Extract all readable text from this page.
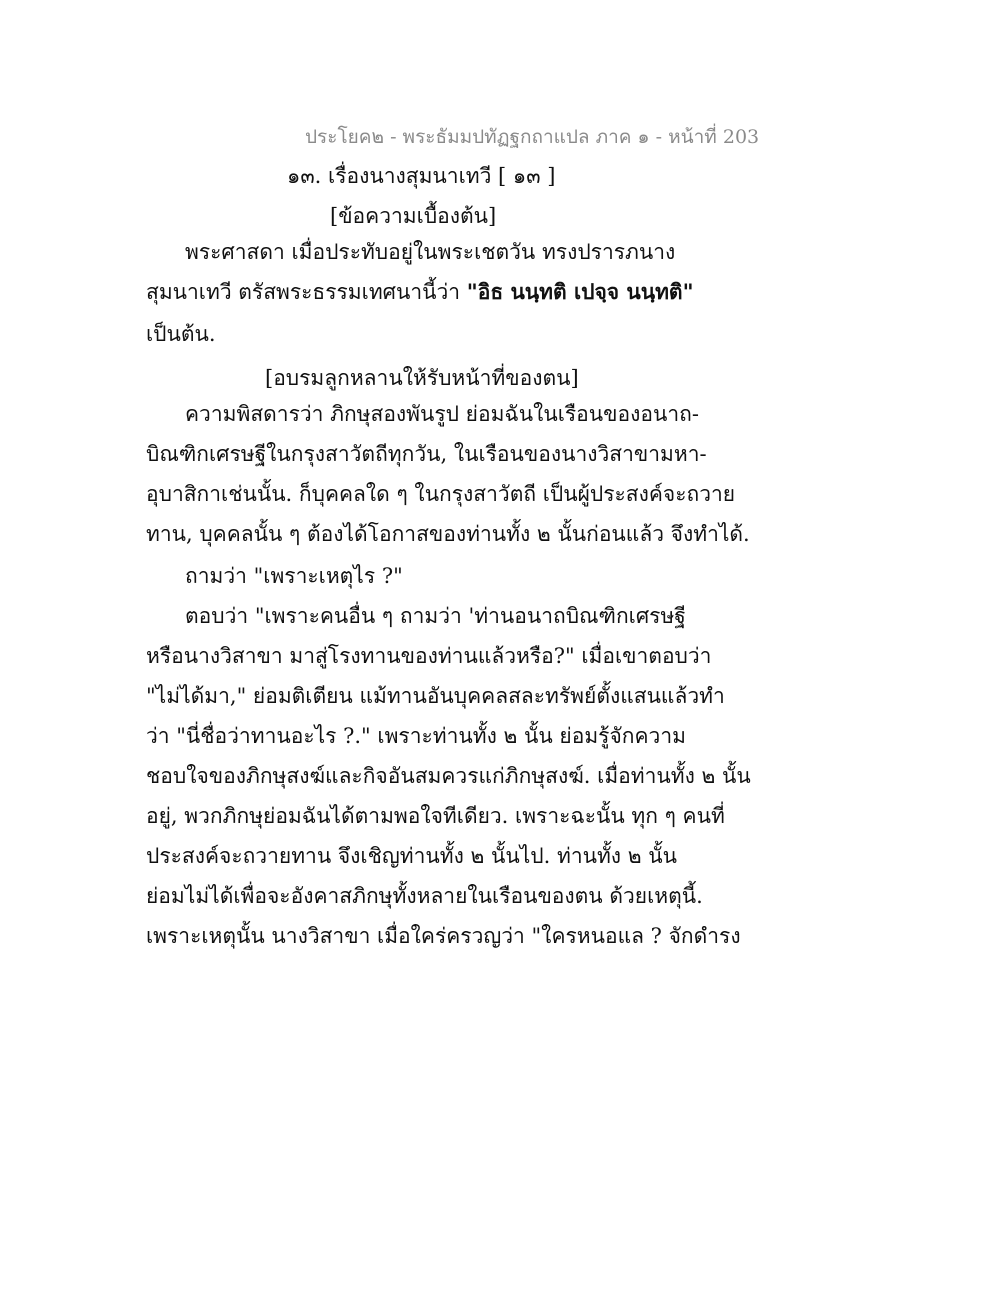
ประโยค๒ - พระธัมมปทัฏฐกถาแปล ภาค ๑ - หน้าที่ 203
๑๓. เรื่องนางสุมนาเทวี [ ๑๓ ]
[ข้อความเบื้องต้น]
พระศาสดา เมื่อประทับอยู่ในพระเชตวัน ทรงปรารภนาง
สุมนาเทวี ตรัสพระธรรมเทศนานี้ว่า "อิธ นนฺทติ เปจฺจ นนฺทติ"
เป็นต้น.
[อบรมลูกหลานให้รับหน้าที่ของตน]
ความพิสดารว่า ภิกษุสองพันรูป ย่อมฉันในเรือนของอนาถ-
บิณฑิกเศรษฐีในกรุงสาวัตถีทุกวัน, ในเรือนของนางวิสาขามหา-
อุบาสิกาเช่นนั้น. ก็บุคคลใด ๆ ในกรุงสาวัตถี เป็นผู้ประสงค์จะถวาย
ทาน, บุคคลนั้น ๆ ต้องได้โอกาสของท่านทั้ง ๒ นั้นก่อนแล้ว จึงทำได้.
ถามว่า "เพราะเหตุไร ?"
ตอบว่า "เพราะคนอื่น ๆ ถามว่า 'ท่านอนาถบิณฑิกเศรษฐี
หรือนางวิสาขา มาสู่โรงทานของท่านแล้วหรือ?" เมื่อเขาตอบว่า
"ไม่ได้มา," ย่อมติเตียน แม้ทานอันบุคคลสละทรัพย์ตั้งแสนแล้วทำ
ว่า "นี่ชื่อว่าทานอะไร ?." เพราะท่านทั้ง ๒ นั้น ย่อมรู้จักความ
ชอบใจของภิกษุสงฆ์และกิจอันสมควรแก่ภิกษุสงฆ์. เมื่อท่านทั้ง ๒ นั้น
อยู่, พวกภิกษุย่อมฉันได้ตามพอใจทีเดียว. เพราะฉะนั้น ทุก ๆ คนที่
ประสงค์จะถวายทาน จึงเชิญท่านทั้ง ๒ นั้นไป. ท่านทั้ง ๒ นั้น
ย่อมไม่ได้เพื่อจะอังคาสภิกษุทั้งหลายในเรือนของตน ด้วยเหตุนี้.
เพราะเหตุนั้น นางวิสาขา เมื่อใคร่ครวญว่า "ใครหนอแล ? จักดำรง
